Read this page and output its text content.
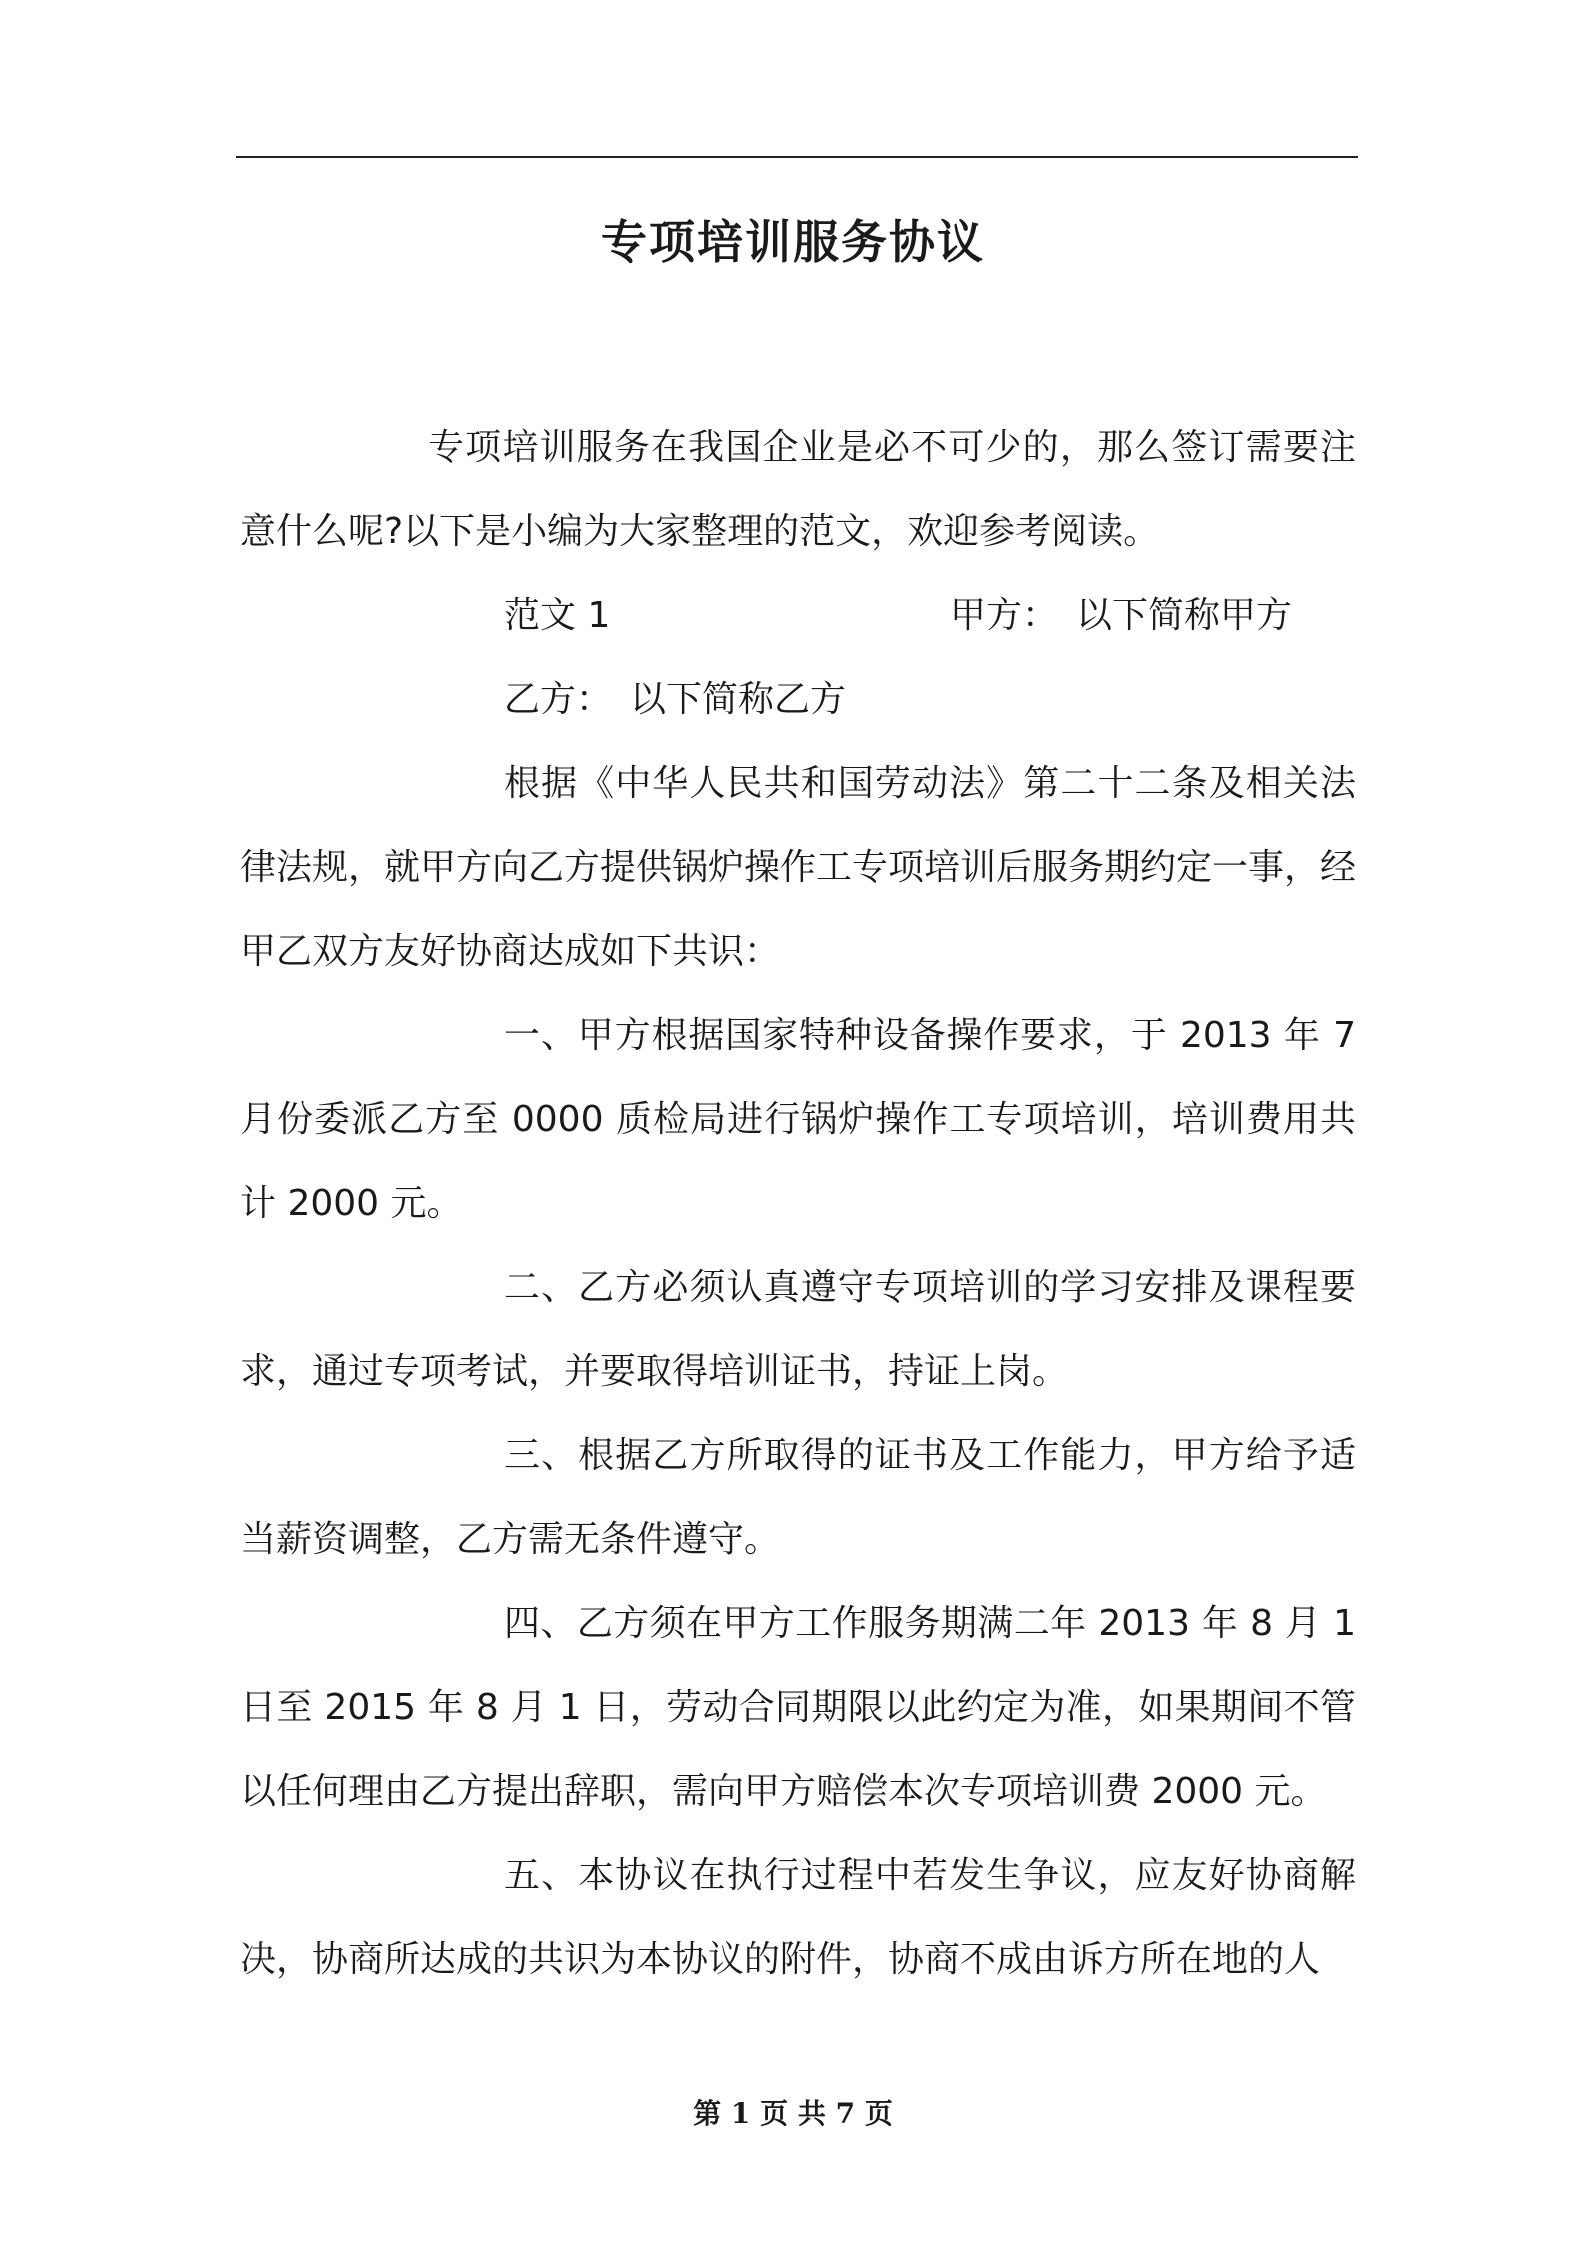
专项培训服务协议

专项培训服务在我国企业是必不可少的，那么签订需要注意什么呢?以下是小编为大家整理的范文，欢迎参考阅读。

范文 1	甲方：　以下简称甲方

乙方：　以下简称乙方

根据《中华人民共和国劳动法》第二十二条及相关法律法规，就甲方向乙方提供锅炉操作工专项培训后服务期约定一事，经甲乙双方友好协商达成如下共识：

一、甲方根据国家特种设备操作要求，于 2013 年 7 月份委派乙方至 0000 质检局进行锅炉操作工专项培训，培训费用共计 2000 元。

二、乙方必须认真遵守专项培训的学习安排及课程要求，通过专项考试，并要取得培训证书，持证上岗。

三、根据乙方所取得的证书及工作能力，甲方给予适当薪资调整，乙方需无条件遵守。

四、乙方须在甲方工作服务期满二年 2013 年 8 月 1 日至 2015 年 8 月 1 日，劳动合同期限以此约定为准，如果期间不管以任何理由乙方提出辞职，需向甲方赔偿本次专项培训费 2000 元。

五、本协议在执行过程中若发生争议，应友好协商解决，协商所达成的共识为本协议的附件，协商不成由诉方所在地的人

第 1 页 共 7 页
